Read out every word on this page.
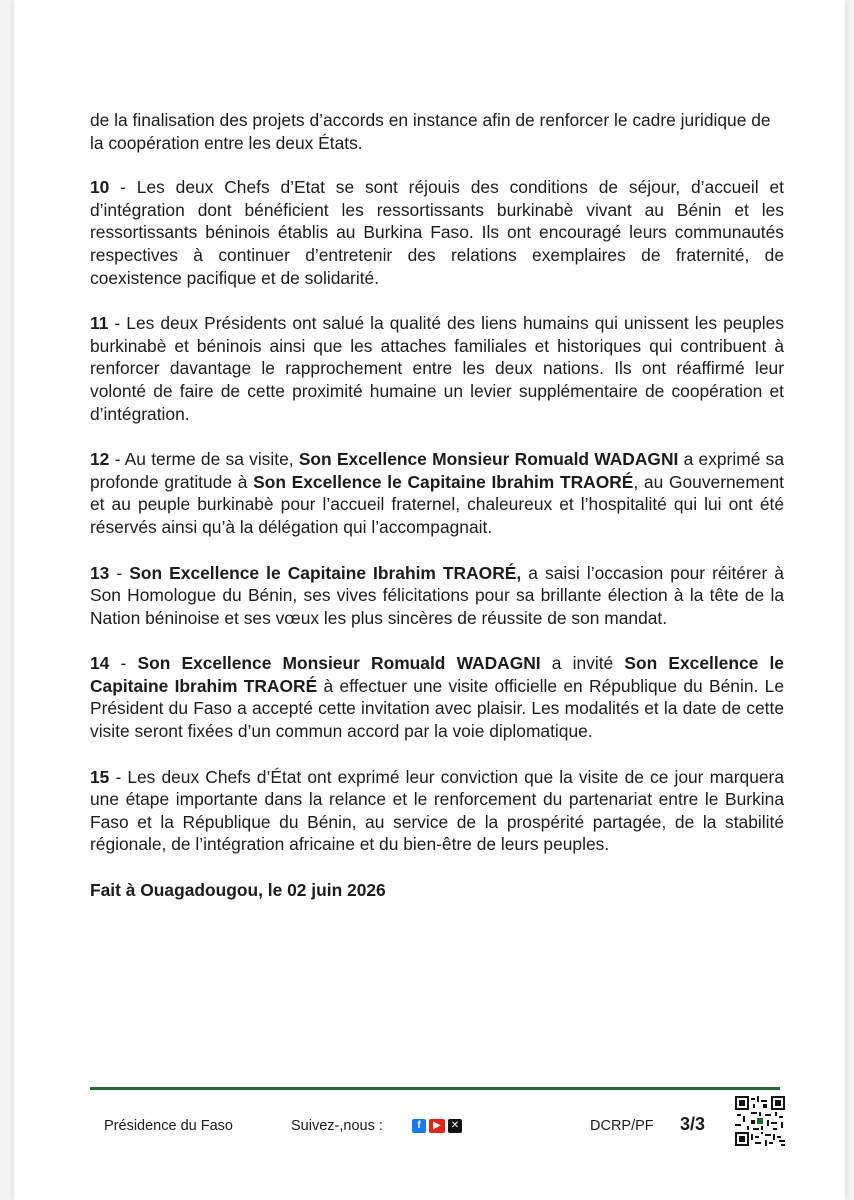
de la finalisation des projets d’accords en instance afin de renforcer le cadre juridique de la coopération entre les deux États.

10 - Les deux Chefs d’Etat se sont réjouis des conditions de séjour, d’accueil et d’intégration dont bénéficient les ressortissants burkinabè vivant au Bénin et les ressortissants béninois établis au Burkina Faso. Ils ont encouragé leurs communautés respectives à continuer d’entretenir des relations exemplaires de fraternité, de coexistence pacifique et de solidarité.

11 - Les deux Présidents ont salué la qualité des liens humains qui unissent les peuples burkinabè et béninois ainsi que les attaches familiales et historiques qui contribuent à renforcer davantage le rapprochement entre les deux nations. Ils ont réaffirmé leur volonté de faire de cette proximité humaine un levier supplémentaire de coopération et d’intégration.

12 - Au terme de sa visite, Son Excellence Monsieur Romuald WADAGNI a exprimé sa profonde gratitude à Son Excellence le Capitaine Ibrahim TRAORÉ, au Gouvernement et au peuple burkinabè pour l’accueil fraternel, chaleureux et l’hospitalité qui lui ont été réservés ainsi qu’à la délégation qui l’accompagnait.

13 - Son Excellence le Capitaine Ibrahim TRAORÉ, a saisi l’occasion pour réitérer à Son Homologue du Bénin, ses vives félicitations pour sa brillante élection à la tête de la Nation béninoise et ses vœux les plus sincères de réussite de son mandat.

14 - Son Excellence Monsieur Romuald WADAGNI a invité Son Excellence le Capitaine Ibrahim TRAORÉ à effectuer une visite officielle en République du Bénin. Le Président du Faso a accepté cette invitation avec plaisir. Les modalités et la date de cette visite seront fixées d’un commun accord par la voie diplomatique.

15 - Les deux Chefs d’État ont exprimé leur conviction que la visite de ce jour marquera une étape importante dans la relance et le renforcement du partenariat entre le Burkina Faso et la République du Bénin, au service de la prospérité partagée, de la stabilité régionale, de l’intégration africaine et du bien-être de leurs peuples.

Fait à Ouagadougou, le 02 juin 2026
Présidence du Faso	Suivez-,nous :	f	▶ ✕	DCRP/PF 3/3
